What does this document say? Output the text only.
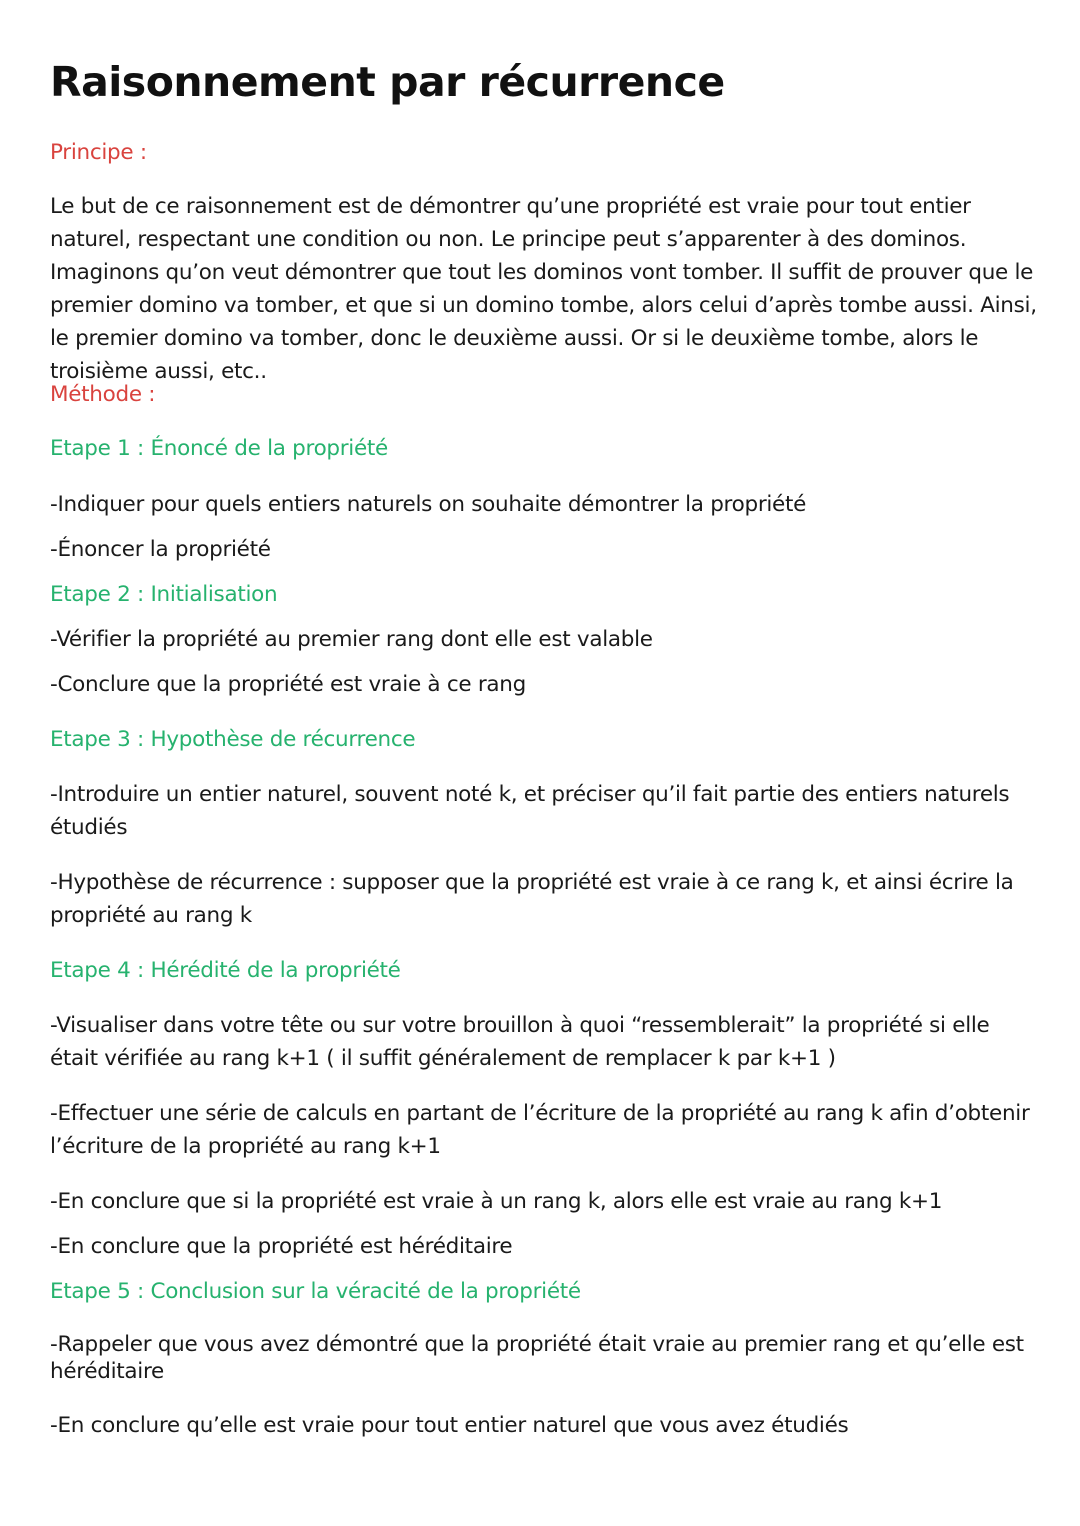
Raisonnement par récurrence
Principe :
Le but de ce raisonnement est de démontrer qu’une propriété est vraie pour tout entier naturel, respectant une condition ou non. Le principe peut s’apparenter à des dominos. Imaginons qu’on veut démontrer que tout les dominos vont tomber. Il suffit de prouver que le premier domino va tomber, et que si un domino tombe, alors celui d’après tombe aussi. Ainsi, le premier domino va tomber, donc le deuxième aussi. Or si le deuxième tombe, alors le troisième aussi, etc..
Méthode :
Etape 1 : Énoncé de la propriété
-Indiquer pour quels entiers naturels on souhaite démontrer la propriété
-Énoncer la propriété
Etape 2 : Initialisation
-Vérifier la propriété au premier rang dont elle est valable
-Conclure que la propriété est vraie à ce rang
Etape 3 : Hypothèse de récurrence
-Introduire un entier naturel, souvent noté k, et préciser qu’il fait partie des entiers naturels étudiés
-Hypothèse de récurrence : supposer que la propriété est vraie à ce rang k, et ainsi écrire la propriété au rang k
Etape 4 : Hérédité de la propriété
-Visualiser dans votre tête ou sur votre brouillon à quoi “ressemblerait” la propriété si elle était vérifiée au rang k+1 ( il suffit généralement de remplacer k par k+1 )
-Effectuer une série de calculs en partant de l’écriture de la propriété au rang k afin d’obtenir l’écriture de la propriété au rang k+1
-En conclure que si la propriété est vraie à un rang k, alors elle est vraie au rang k+1
-En conclure que la propriété est héréditaire
Etape 5 : Conclusion sur la véracité de la propriété
-Rappeler que vous avez démontré que la propriété était vraie au premier rang et qu’elle est héréditaire
-En conclure qu’elle est vraie pour tout entier naturel que vous avez étudiés
